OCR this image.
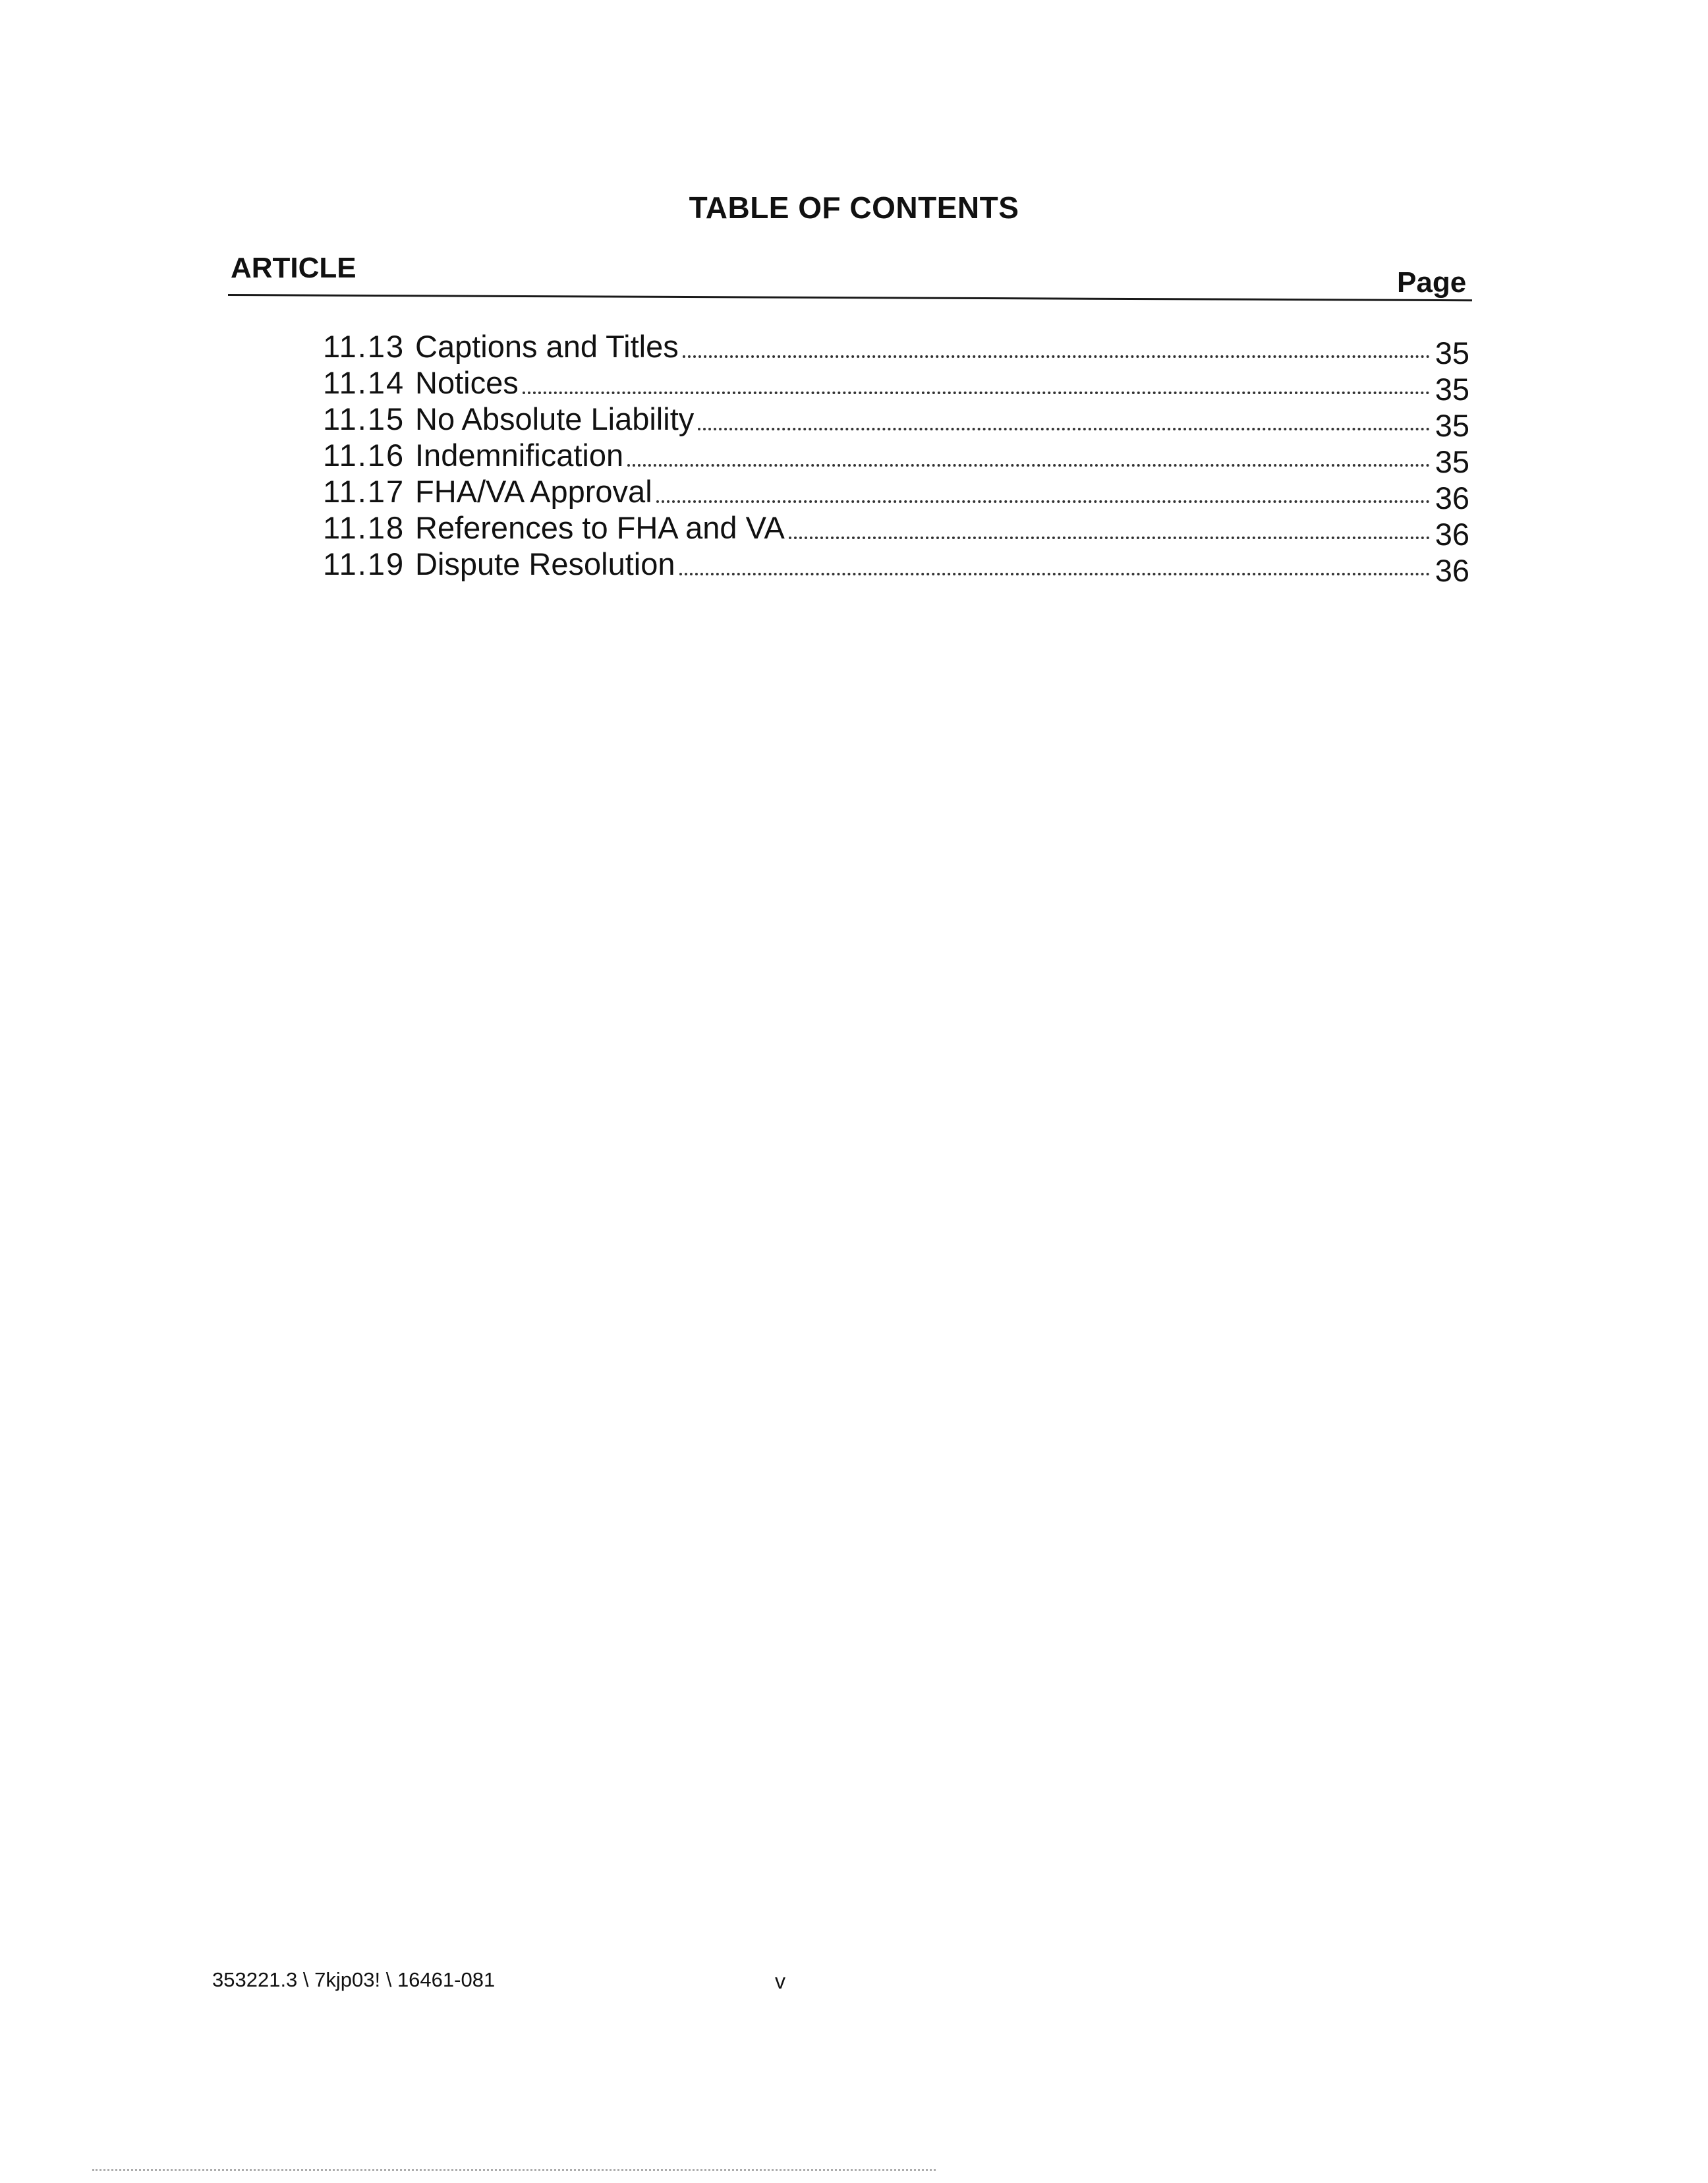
TABLE OF CONTENTS
ARTICLE	Page
11.13 Captions and Titles	35
11.14 Notices	35
11.15 No Absolute Liability	35
11.16 Indemnification	35
11.17 FHA/VA Approval	36
11.18 References to FHA and VA	36
11.19 Dispute Resolution	36
353221.3 \ 7kjp03! \ 16461-081	v
